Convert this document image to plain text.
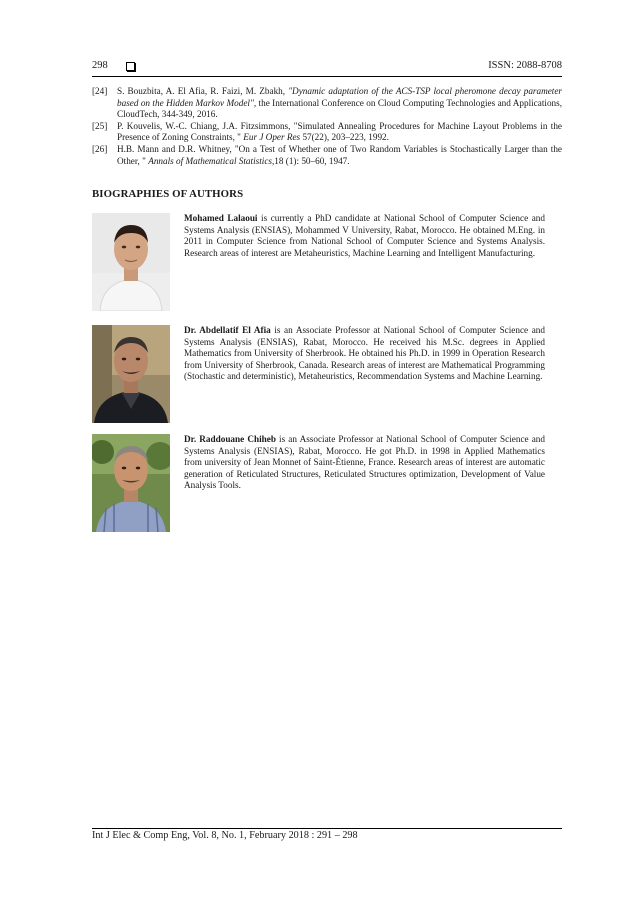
298	ISSN: 2088-8708
[24] S. Bouzbita, A. El Afia, R. Faizi, M. Zbakh, "Dynamic adaptation of the ACS-TSP local pheromone decay parameter based on the Hidden Markov Model", the International Conference on Cloud Computing Technologies and Applications, CloudTech, 344-349, 2016.
[25] P. Kouvelis, W.-C. Chiang, J.A. Fitzsimmons, "Simulated Annealing Procedures for Machine Layout Problems in the Presence of Zoning Constraints, " Eur J Oper Res 57(22), 203–223, 1992.
[26] H.B. Mann and D.R. Whitney, "On a Test of Whether one of Two Random Variables is Stochastically Larger than the Other, " Annals of Mathematical Statistics,18 (1): 50–60, 1947.
BIOGRAPHIES OF AUTHORS
Mohamed Lalaoui is currently a PhD candidate at National School of Computer Science and Systems Analysis (ENSIAS), Mohammed V University, Rabat, Morocco. He obtained M.Eng. in 2011 in Computer Science from National School of Computer Science and Systems Analysis. Research areas of interest are Metaheuristics, Machine Learning and Intelligent Manufacturing.
Dr. Abdellatif El Afia is an Associate Professor at National School of Computer Science and Systems Analysis (ENSIAS), Rabat, Morocco. He received his M.Sc. degrees in Applied Mathematics from University of Sherbrook. He obtained his Ph.D. in 1999 in Operation Research from University of Sherbrook, Canada. Research areas of interest are Mathematical Programming (Stochastic and deterministic), Metaheuristics, Recommendation Systems and Machine Learning.
Dr. Raddouane Chiheb is an Associate Professor at National School of Computer Science and Systems Analysis (ENSIAS), Rabat, Morocco. He got Ph.D. in 1998 in Applied Mathematics from university of Jean Monnet of Saint-Étienne, France. Research areas of interest are automatic generation of Reticulated Structures, Reticulated Structures optimization, Development of Value Analysis Tools.
Int J Elec & Comp Eng, Vol. 8, No. 1, February 2018 : 291 – 298
